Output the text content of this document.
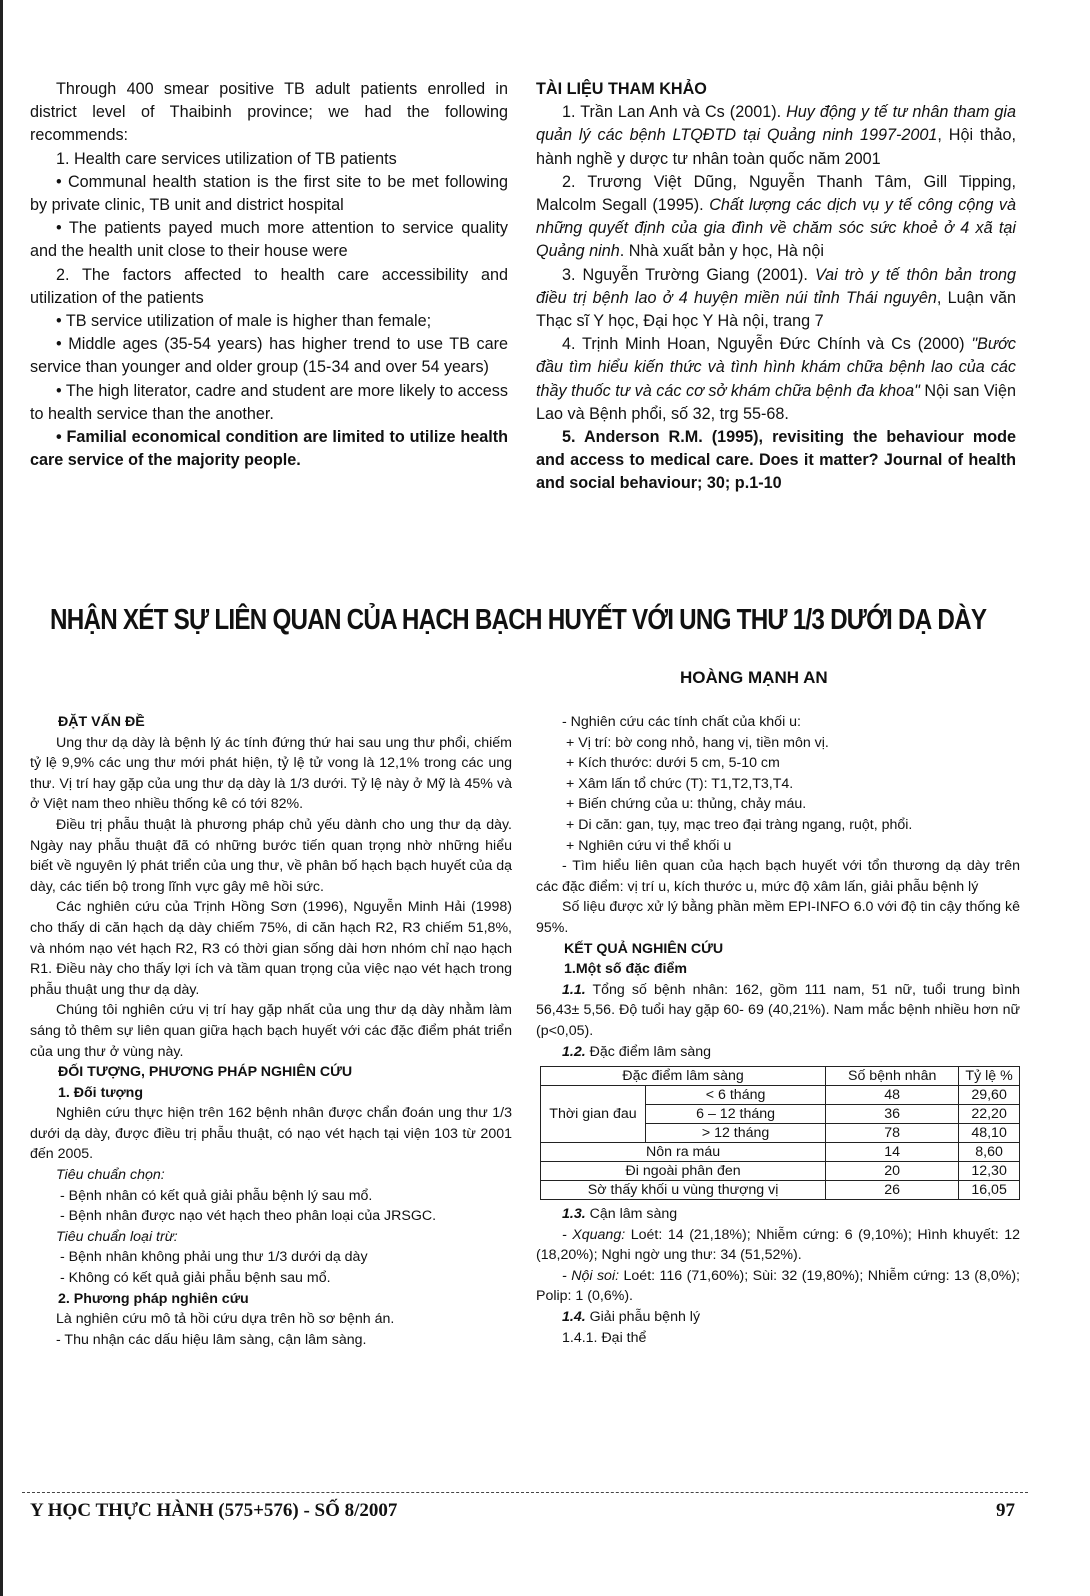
Through 400 smear positive TB adult patients enrolled in district level of Thaibinh province; we had the following recommends:

1. Health care services utilization of TB patients

• Communal health station is the first site to be met following by private clinic, TB unit and district hospital

• The patients payed much more attention to service quality and the health unit close to their house were

2. The factors affected to health care accessibility and utilization of the patients

• TB service utilization of male is higher than female;

• Middle ages (35-54 years) has higher trend to use TB care service than younger and older group (15-34 and over 54 years)

• The high literator, cadre and student are more likely to access to health service than the another.

• Familial economical condition are limited to utilize health care service of the majority people.

TÀI LIỆU THAM KHẢO

1. Trần Lan Anh và Cs (2001). Huy động y tế tư nhân tham gia quản lý các bệnh LTQĐTD tại Quảng ninh 1997-2001, Hội thảo, hành nghề y dược tư nhân toàn quốc năm 2001

2. Trương Việt Dũng, Nguyễn Thanh Tâm, Gill Tipping, Malcolm Segall (1995). Chất lượng các dịch vụ y tế công cộng và những quyết định của gia đình về chăm sóc sức khoẻ ở 4 xã tại Quảng ninh. Nhà xuất bản y học, Hà nội

3. Nguyễn Trường Giang (2001). Vai trò y tế thôn bản trong điều trị bệnh lao ở 4 huyện miền núi tỉnh Thái nguyên, Luận văn Thạc sĩ Y học, Đại học Y Hà nội, trang 7

4. Trịnh Minh Hoan, Nguyễn Đức Chính và Cs (2000) "Bước đầu tìm hiểu kiến thức và tình hình khám chữa bệnh lao của các thầy thuốc tư và các cơ sở khám chữa bệnh đa khoa" Nội san Viện Lao và Bệnh phổi, số 32, trg 55-68.

5. Anderson R.M. (1995), revisiting the behaviour mode and access to medical care. Does it matter? Journal of health and social behaviour; 30; p.1-10

NHẬN XÉT SỰ LIÊN QUAN CỦA HẠCH BẠCH HUYẾT VỚI UNG THƯ 1/3 DƯỚI DẠ DÀY
HOÀNG MẠNH AN

ĐẶT VẤN ĐỀ

Ung thư dạ dày là bệnh lý ác tính đứng thứ hai sau ung thư phổi, chiếm tỷ lệ 9,9% các ung thư mới phát hiện, tỷ lệ tử vong là 12,1% trong các ung thư. Vị trí hay gặp của ung thư dạ dày là 1/3 dưới. Tỷ lệ này ở Mỹ là 45% và ở Việt nam theo nhiều thống kê có tới 82%.

Điều trị phẫu thuật là phương pháp chủ yếu dành cho ung thư dạ dày. Ngày nay phẫu thuật đã có những bước tiến quan trọng nhờ những hiểu biết về nguyên lý phát triển của ung thư, về phân bố hạch bạch huyết của dạ dày, các tiến bộ trong lĩnh vực gây mê hồi sức.

Các nghiên cứu của Trịnh Hồng Sơn (1996), Nguyễn Minh Hải (1998) cho thấy di căn hạch dạ dày chiếm 75%, di căn hạch R2, R3 chiếm 51,8%, và nhóm nạo vét hạch R2, R3 có thời gian sống dài hơn nhóm chỉ nạo hạch R1. Điều này cho thấy lợi ích và tầm quan trọng của việc nạo vét hạch trong phẫu thuật ung thư dạ dày.

Chúng tôi nghiên cứu vị trí hay gặp nhất của ung thư dạ dày nhằm làm sáng tỏ thêm sự liên quan giữa hạch bạch huyết với các đặc điểm phát triển của ung thư ở vùng này.

ĐỐI TƯỢNG, PHƯƠNG PHÁP NGHIÊN CỨU

1. Đối tượng

Nghiên cứu thực hiện trên 162 bệnh nhân được chẩn đoán ung thư 1/3 dưới dạ dày, được điều trị phẫu thuật, có nạo vét hạch tại viện 103 từ 2001 đến 2005.

Tiêu chuẩn chọn:

- Bệnh nhân có kết quả giải phẫu bệnh lý sau mổ.

- Bệnh nhân được nạo vét hạch theo phân loại của JRSGC.

Tiêu chuẩn loại trừ:

- Bệnh nhân không phải ung thư 1/3 dưới dạ dày

- Không có kết quả giải phẫu bệnh sau mổ.

2. Phương pháp nghiên cứu

Là nghiên cứu mô tả hồi cứu dựa trên hồ sơ bệnh án.

- Thu nhận các dấu hiệu lâm sàng, cận lâm sàng.

- Nghiên cứu các tính chất của khối u:

+ Vị trí: bờ cong nhỏ, hang vị, tiền môn vị.

+ Kích thước: dưới 5 cm, 5-10 cm

+ Xâm lấn tổ chức (T): T1,T2,T3,T4.

+ Biến chứng của u: thủng, chảy máu.

+ Di căn: gan, tụy, mạc treo đại tràng ngang, ruột, phổi.

+ Nghiên cứu vi thể khối u

- Tìm hiểu liên quan của hạch bạch huyết với tổn thương dạ dày trên các đặc điểm: vị trí u, kích thước u, mức độ xâm lấn, giải phẫu bệnh lý

Số liệu được xử lý bằng phần mềm EPI-INFO 6.0 với độ tin cậy thống kê 95%.

KẾT QUẢ NGHIÊN CỨU

1.Một số đặc điểm

1.1. Tổng số bệnh nhân: 162, gồm 111 nam, 51 nữ, tuổi trung bình 56,43± 5,56. Độ tuổi hay gặp 60- 69 (40,21%). Nam mắc bệnh nhiều hơn nữ (p<0,05).

1.2. Đặc điểm lâm sàng

Đặc điểm lâm sàng		Số bệnh nhân	Tỷ lệ %
Thời gian đau	< 6 tháng	48	29,60
	6 – 12 tháng	36	22,20
	> 12 tháng	78	48,10
Nôn ra máu		14	8,60
Đi ngoài phân đen		20	12,30
Sờ thấy khối u vùng thượng vị		26	16,05

1.3. Cận lâm sàng

- Xquang: Loét: 14 (21,18%); Nhiễm cứng: 6 (9,10%); Hình khuyết: 12 (18,20%); Nghi ngờ ung thư: 34 (51,52%).

- Nội soi: Loét: 116 (71,60%); Sùi: 32 (19,80%); Nhiễm cứng: 13 (8,0%); Polip: 1 (0,6%).

1.4. Giải phẫu bệnh lý

1.4.1. Đại thể

Y HỌC THỰC HÀNH (575+576) - SỐ 8/2007	97
